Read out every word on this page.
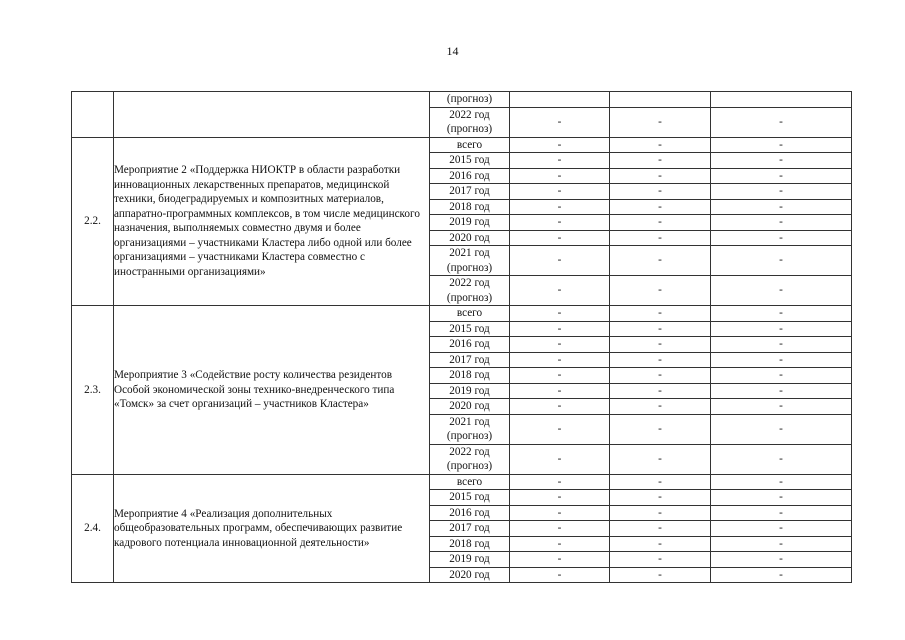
14
		(прогноз)			
		2022 год
(прогноз)	-	-	-
2.2.	Мероприятие 2 «Поддержка НИОКТР в области разработки инновационных лекарственных препаратов, медицинской техники, биодеградируемых и композитных материалов, аппаратно-программных комплексов, в том числе медицинского назначения, выполняемых совместно двумя и более организациями – участниками Кластера либо одной или более организациями – участниками Кластера совместно с иностранными организациями»	всего	-	-	-
		2015 год	-	-	-
		2016 год	-	-	-
		2017 год	-	-	-
		2018 год	-	-	-
		2019 год	-	-	-
		2020 год	-	-	-
		2021 год
(прогноз)	-	-	-
		2022 год
(прогноз)	-	-	-
2.3.	Мероприятие 3 «Содействие росту количества резидентов Особой экономической зоны технико-внедренческого типа «Томск» за счет организаций – участников Кластера»	всего	-	-	-
		2015 год	-	-	-
		2016 год	-	-	-
		2017 год	-	-	-
		2018 год	-	-	-
		2019 год	-	-	-
		2020 год	-	-	-
		2021 год
(прогноз)	-	-	-
		2022 год
(прогноз)	-	-	-
2.4.	Мероприятие 4 «Реализация дополнительных общеобразовательных программ, обеспечивающих развитие кадрового потенциала инновационной деятельности»	всего	-	-	-
		2015 год	-	-	-
		2016 год	-	-	-
		2017 год	-	-	-
		2018 год	-	-	-
		2019 год	-	-	-
		2020 год	-	-	-
